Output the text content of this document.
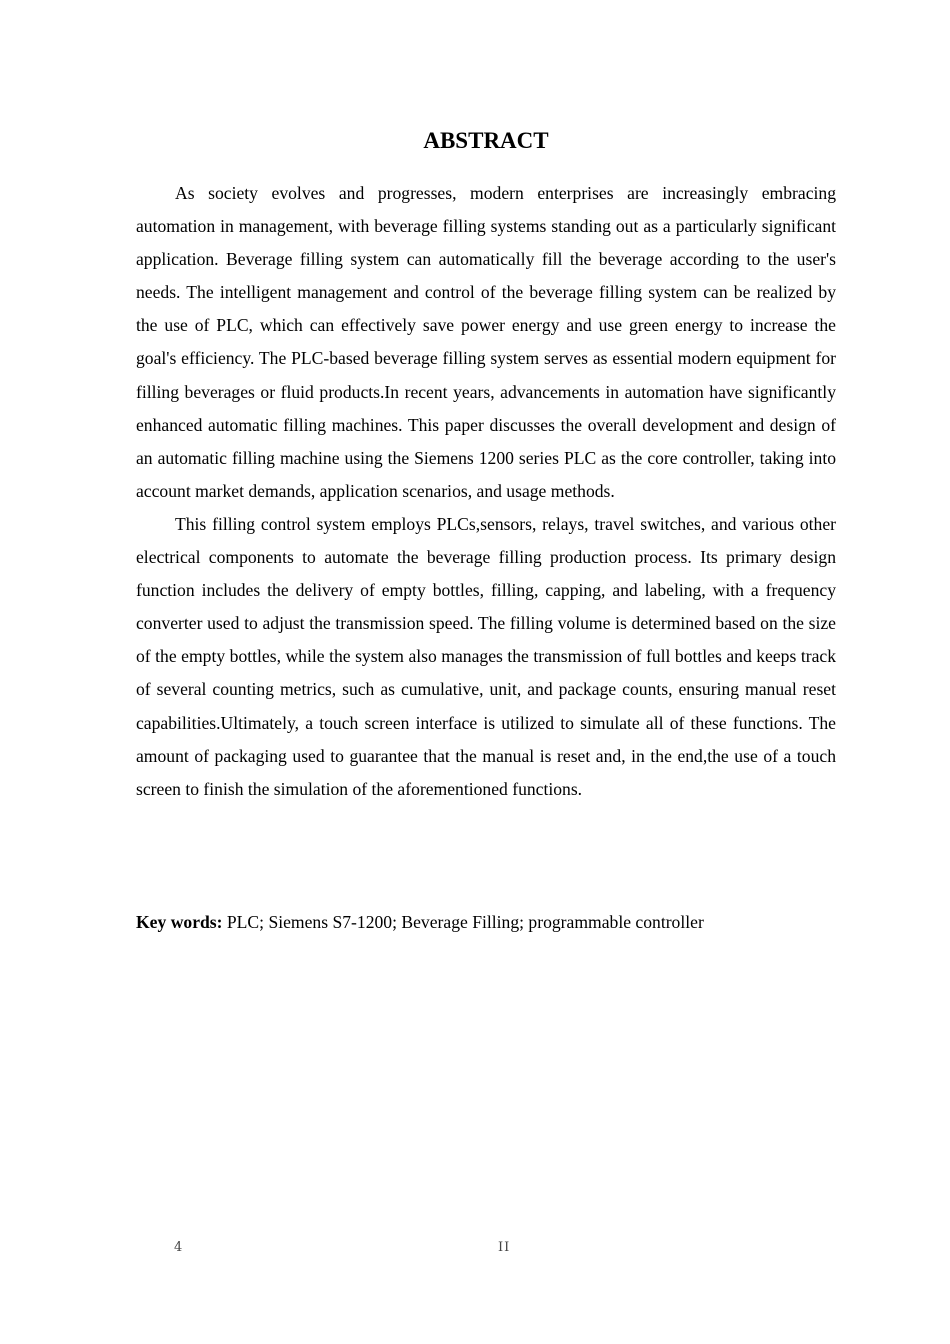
ABSTRACT

As society evolves and progresses, modern enterprises are increasingly embracing automation in management, with beverage filling systems standing out as a particularly significant application. Beverage filling system can automatically fill the beverage according to the user's needs. The intelligent management and control of the beverage filling system can be realized by the use of PLC, which can effectively save power energy and use green energy to increase the goal's efficiency. The PLC-based beverage filling system serves as essential modern equipment for filling beverages or fluid products.In recent years, advancements in automation have significantly enhanced automatic filling machines. This paper discusses the overall development and design of an automatic filling machine using the Siemens 1200 series PLC as the core controller, taking into account market demands, application scenarios, and usage methods.

This filling control system employs PLCs,sensors, relays, travel switches, and various other electrical components to automate the beverage filling production process. Its primary design function includes the delivery of empty bottles, filling, capping, and labeling, with a frequency converter used to adjust the transmission speed. The filling volume is determined based on the size of the empty bottles, while the system also manages the transmission of full bottles and keeps track of several counting metrics, such as cumulative, unit, and package counts, ensuring manual reset capabilities.Ultimately, a touch screen interface is utilized to simulate all of these functions. The amount of packaging used to guarantee that the manual is reset and, in the end,the use of a touch screen to finish the simulation of the aforementioned functions.

Key words: PLC; Siemens S7-1200; Beverage Filling; programmable controller

4	II
